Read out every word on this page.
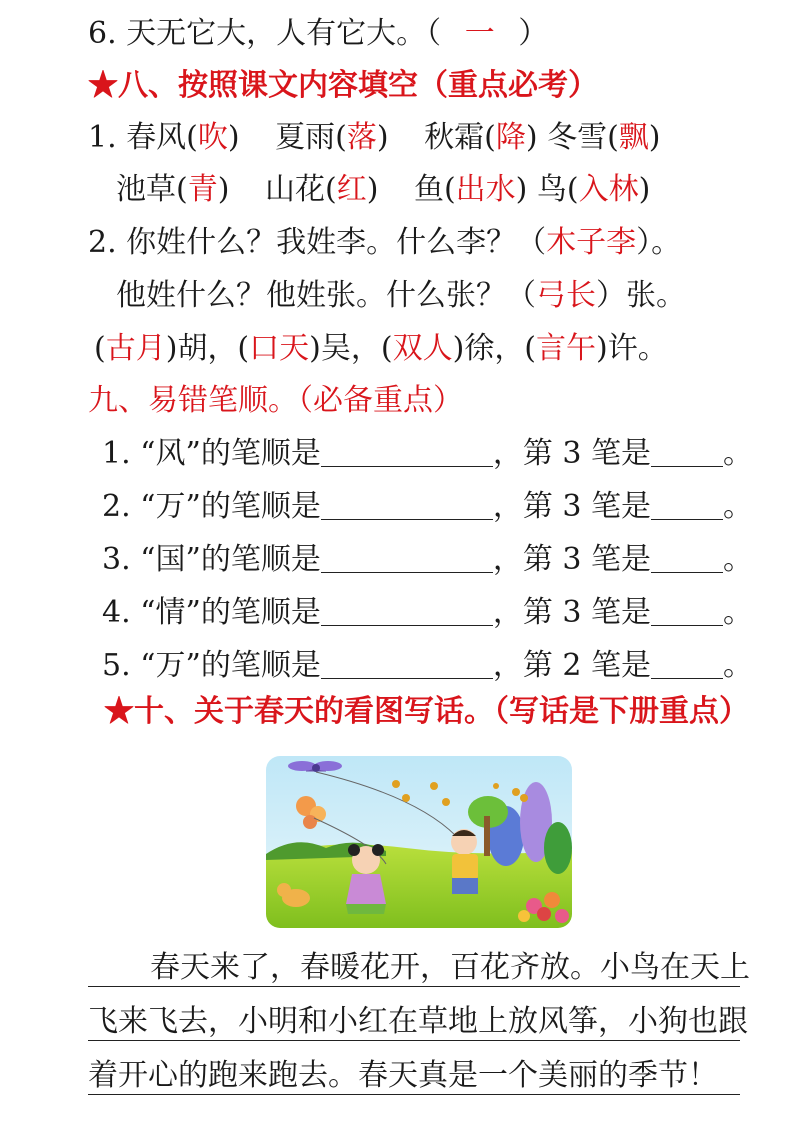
6. 天无它大，人有它大。（ 一 ）
★八、按照课文内容填空（重点必考）
1. 春风(吹) 夏雨(落) 秋霜(降) 冬雪(飘)
池草(青) 山花(红) 鱼(出水) 鸟(入林)
2. 你姓什么？我姓李。什么李？（木子李）。
他姓什么？他姓张。什么张？（弓长）张。
(古月)胡，(口天)吴，(双人)徐，(言午)许。
九、易错笔顺。（必备重点）
1. “风”的笔顺是	，第 3 笔是 。
2. “万”的笔顺是	，第 3 笔是 。
3. “国”的笔顺是	，第 3 笔是 。
4. “情”的笔顺是	，第 3 笔是 。
5. “万”的笔顺是	，第 2 笔是 。
★十、关于春天的看图写话。（写话是下册重点）
春天来了，春暖花开，百花齐放。小鸟在天上
飞来飞去，小明和小红在草地上放风筝，小狗也跟
着开心的跑来跑去。春天真是一个美丽的季节！
